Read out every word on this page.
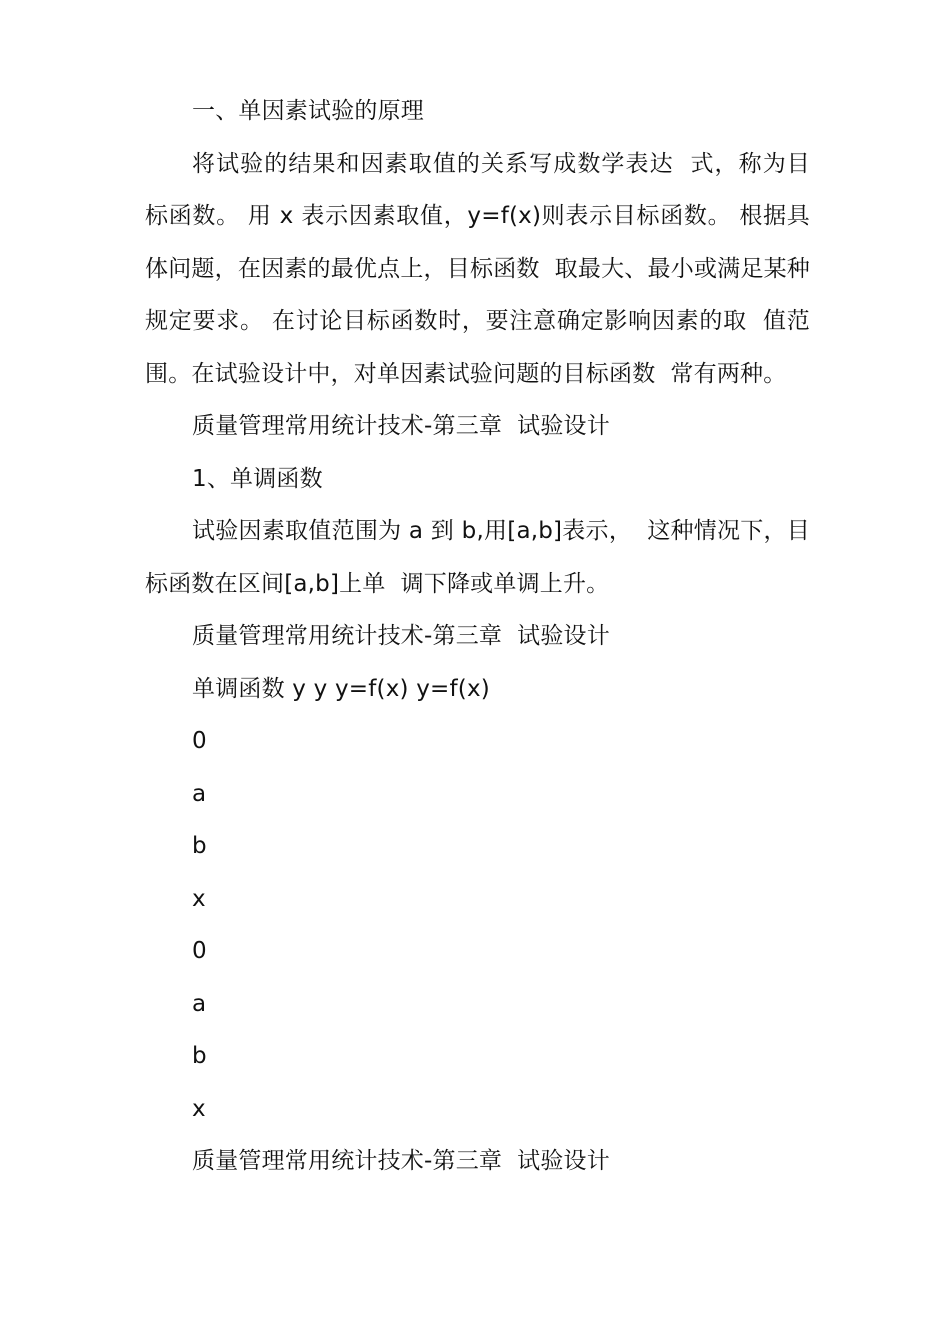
一、单因素试验的原理

将试验的结果和因素取值的关系写成数学表达  式，称为目标函数。 用 x 表示因素取值，y=f(x)则表示目标函数。 根据具体问题，在因素的最优点上，目标函数  取最大、最小或满足某种规定要求。 在讨论目标函数时，要注意确定影响因素的取  值范围。在试验设计中，对单因素试验问题的目标函数  常有两种。

质量管理常用统计技术-第三章  试验设计

1、单调函数

试验因素取值范围为 a 到 b,用[a,b]表示，  这种情况下，目标函数在区间[a,b]上单  调下降或单调上升。

质量管理常用统计技术-第三章  试验设计

单调函数 y y y=f(x) y=f(x)

0

a

b

x

0

a

b

x

质量管理常用统计技术-第三章  试验设计
